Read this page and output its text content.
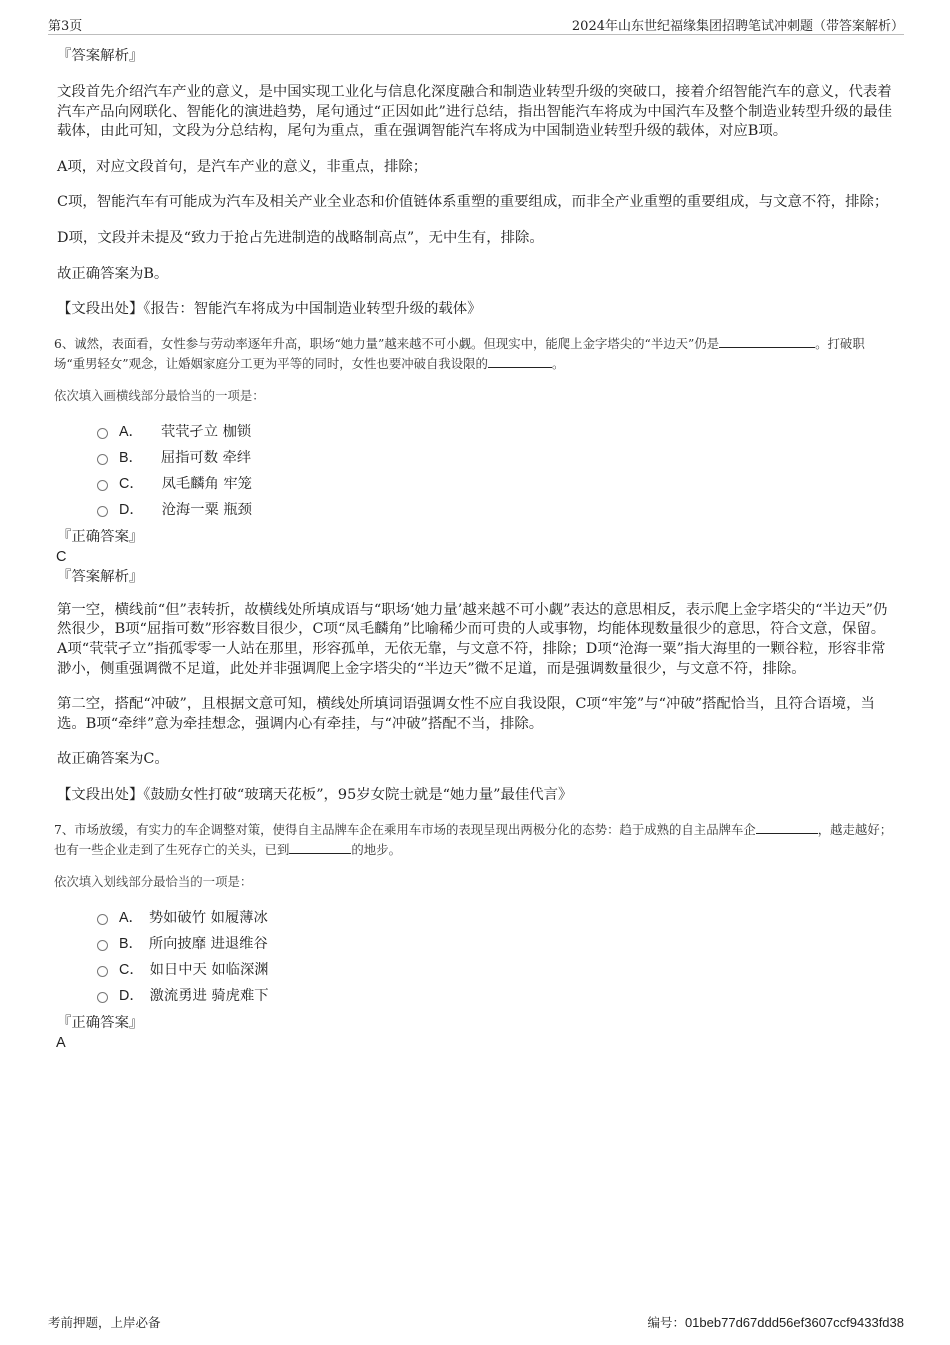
第3页	2024年山东世纪福缘集团招聘笔试冲刺题（带答案解析）

『答案解析』

文段首先介绍汽车产业的意义，是中国实现工业化与信息化深度融合和制造业转型升级的突破口，接着介绍智能汽车的意义，代表着汽车产品向网联化、智能化的演进趋势，尾句通过“正因如此”进行总结，指出智能汽车将成为中国汽车及整个制造业转型升级的最佳载体，由此可知，文段为分总结构，尾句为重点，重在强调智能汽车将成为中国制造业转型升级的载体，对应B项。

A项，对应文段首句，是汽车产业的意义，非重点，排除；

C项，智能汽车有可能成为汽车及相关产业全业态和价值链体系重塑的重要组成，而非全产业重塑的重要组成，与文意不符，排除；

D项，文段并未提及“致力于抢占先进制造的战略制高点”，无中生有，排除。

故正确答案为B。

【文段出处】《报告：智能汽车将成为中国制造业转型升级的载体》

6、诚然，表面看，女性参与劳动率逐年升高，职场“她力量”越来越不可小觑。但现实中，能爬上金字塔尖的“半边天”仍是	。打破职场“重男轻女”观念，让婚姻家庭分工更为平等的同时，女性也要冲破自我设限的	。

依次填入画横线部分最恰当的一项是：

A． 茕茕孑立 枷锁
B． 屈指可数 牵绊
C． 凤毛麟角 牢笼
D． 沧海一粟 瓶颈

『正确答案』

C

『答案解析』

第一空，横线前“但”表转折，故横线处所填成语与“职场‘她力量’越来越不可小觑”表达的意思相反，表示爬上金字塔尖的“半边天”仍然很少，B项“屈指可数”形容数目很少，C项“凤毛麟角”比喻稀少而可贵的人或事物，均能体现数量很少的意思，符合文意，保留。A项“茕茕孑立”指孤零零一人站在那里，形容孤单，无依无靠，与文意不符，排除；D项“沧海一粟”指大海里的一颗谷粒，形容非常渺小，侧重强调微不足道，此处并非强调爬上金字塔尖的“半边天”微不足道，而是强调数量很少，与文意不符，排除。

第二空，搭配“冲破”，且根据文意可知，横线处所填词语强调女性不应自我设限，C项“牢笼”与“冲破”搭配恰当，且符合语境，当选。B项“牵绊”意为牵挂想念，强调内心有牵挂，与“冲破”搭配不当，排除。

故正确答案为C。

【文段出处】《鼓励女性打破“玻璃天花板”，95岁女院士就是“她力量”最佳代言》

7、市场放缓，有实力的车企调整对策，使得自主品牌车企在乘用车市场的表现呈现出两极分化的态势：趋于成熟的自主品牌车企	，越走越好；也有一些企业走到了生死存亡的关头，已到	的地步。

依次填入划线部分最恰当的一项是：

A． 势如破竹 如履薄冰
B． 所向披靡 进退维谷
C． 如日中天 如临深渊
D． 激流勇进 骑虎难下

『正确答案』

A

考前押题，上岸必备	编号：01beb77d67ddd56ef3607ccf9433fd38
